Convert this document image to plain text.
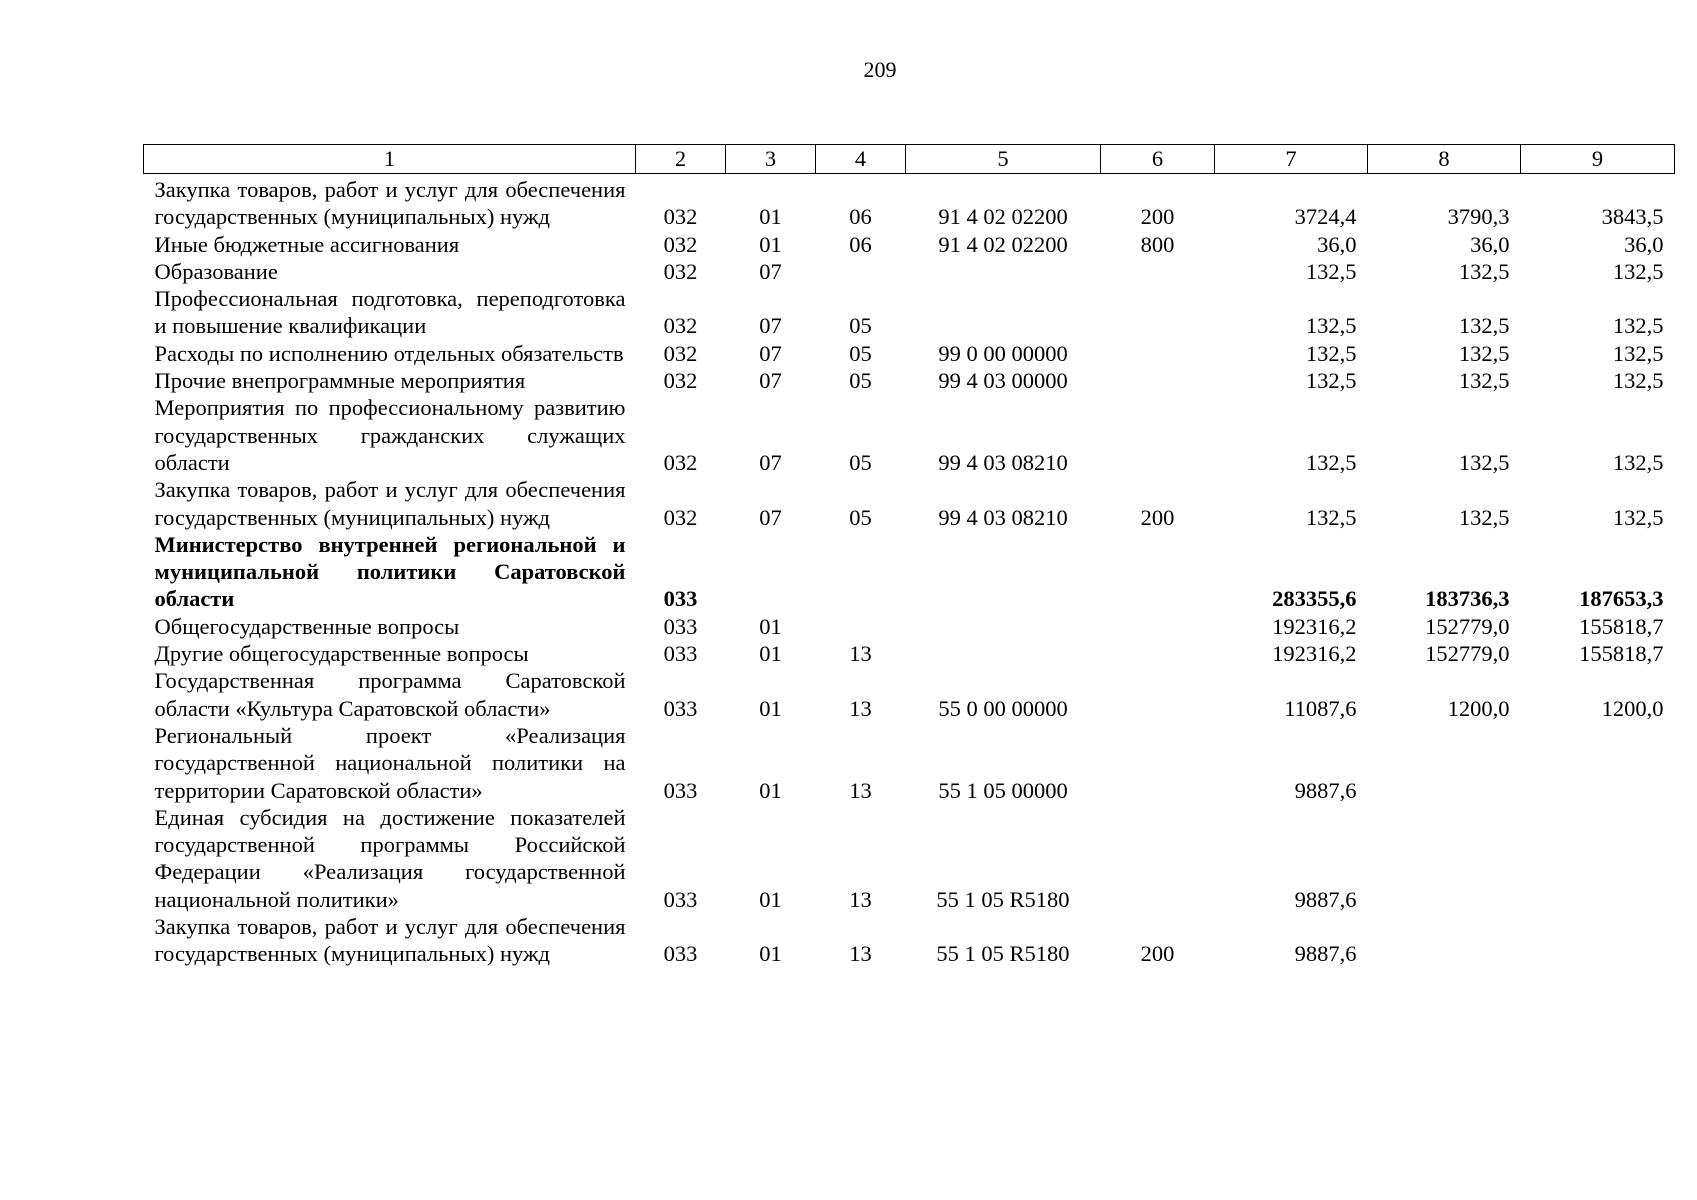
209
1	2	3	4	5	6	7	8	9
Закупка товаров, работ и услуг для обеспечения государственных (муниципальных) нужд	032	01	06	91 4 02 02200	200	3724,4	3790,3	3843,5
Иные бюджетные ассигнования	032	01	06	91 4 02 02200	800	36,0	36,0	36,0
Образование	032	07				132,5	132,5	132,5
Профессиональная подготовка, переподготовка и повышение квалификации	032	07	05			132,5	132,5	132,5
Расходы по исполнению отдельных обязательств	032	07	05	99 0 00 00000		132,5	132,5	132,5
Прочие внепрограммные мероприятия	032	07	05	99 4 03 00000		132,5	132,5	132,5
Мероприятия по профессиональному развитию государственных гражданских служащих области	032	07	05	99 4 03 08210		132,5	132,5	132,5
Закупка товаров, работ и услуг для обеспечения государственных (муниципальных) нужд	032	07	05	99 4 03 08210	200	132,5	132,5	132,5
Министерство внутренней региональной и муниципальной политики Саратовской области	033					283355,6	183736,3	187653,3
Общегосударственные вопросы	033	01				192316,2	152779,0	155818,7
Другие общегосударственные вопросы	033	01	13			192316,2	152779,0	155818,7
Государственная программа Саратовской области «Культура Саратовской области»	033	01	13	55 0 00 00000		11087,6	1200,0	1200,0
Региональный проект «Реализация государственной национальной политики на территории Саратовской области»	033	01	13	55 1 05 00000		9887,6		
Единая субсидия на достижение показателей государственной программы Российской Федерации «Реализация государственной национальной политики»	033	01	13	55 1 05 R5180		9887,6		
Закупка товаров, работ и услуг для обеспечения государственных (муниципальных) нужд	033	01	13	55 1 05 R5180	200	9887,6		
